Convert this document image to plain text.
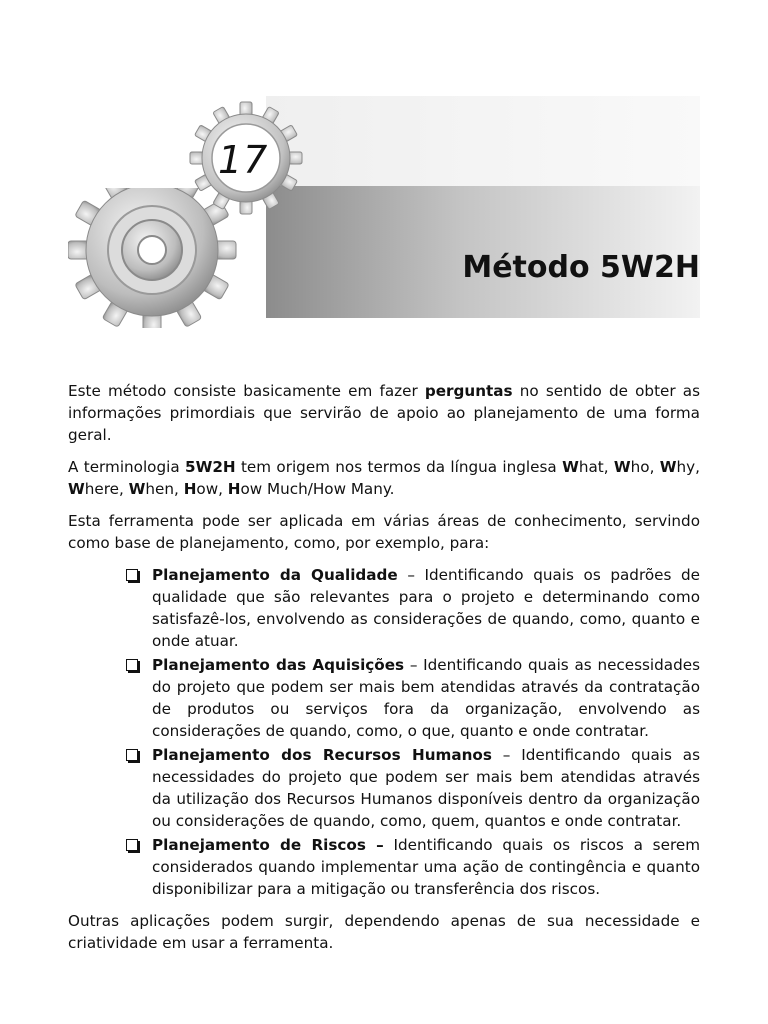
17
Método 5W2H

Este método consiste basicamente em fazer perguntas no sentido de obter as informações primordiais que servirão de apoio ao planejamento de uma forma geral.

A terminologia 5W2H tem origem nos termos da língua inglesa What, Who, Why, Where, When, How, How Much/How Many.

Esta ferramenta pode ser aplicada em várias áreas de conhecimento, servindo como base de planejamento, como, por exemplo, para:

Planejamento da Qualidade – Identificando quais os padrões de qualidade que são relevantes para o projeto e determinando como satisfazê-los, envolvendo as considerações de quando, como, quanto e onde atuar.
Planejamento das Aquisições – Identificando quais as necessidades do projeto que podem ser mais bem atendidas através da contratação de produtos ou serviços fora da organização, envolvendo as considerações de quando, como, o que, quanto e onde contratar.
Planejamento dos Recursos Humanos – Identificando quais as necessidades do projeto que podem ser mais bem atendidas através da utilização dos Recursos Humanos disponíveis dentro da organização ou considerações de quando, como, quem, quantos e onde contratar.
Planejamento de Riscos – Identificando quais os riscos a serem considerados quando implementar uma ação de contingência e quanto disponibilizar para a mitigação ou transferência dos riscos.

Outras aplicações podem surgir, dependendo apenas de sua necessidade e criatividade em usar a ferramenta.
